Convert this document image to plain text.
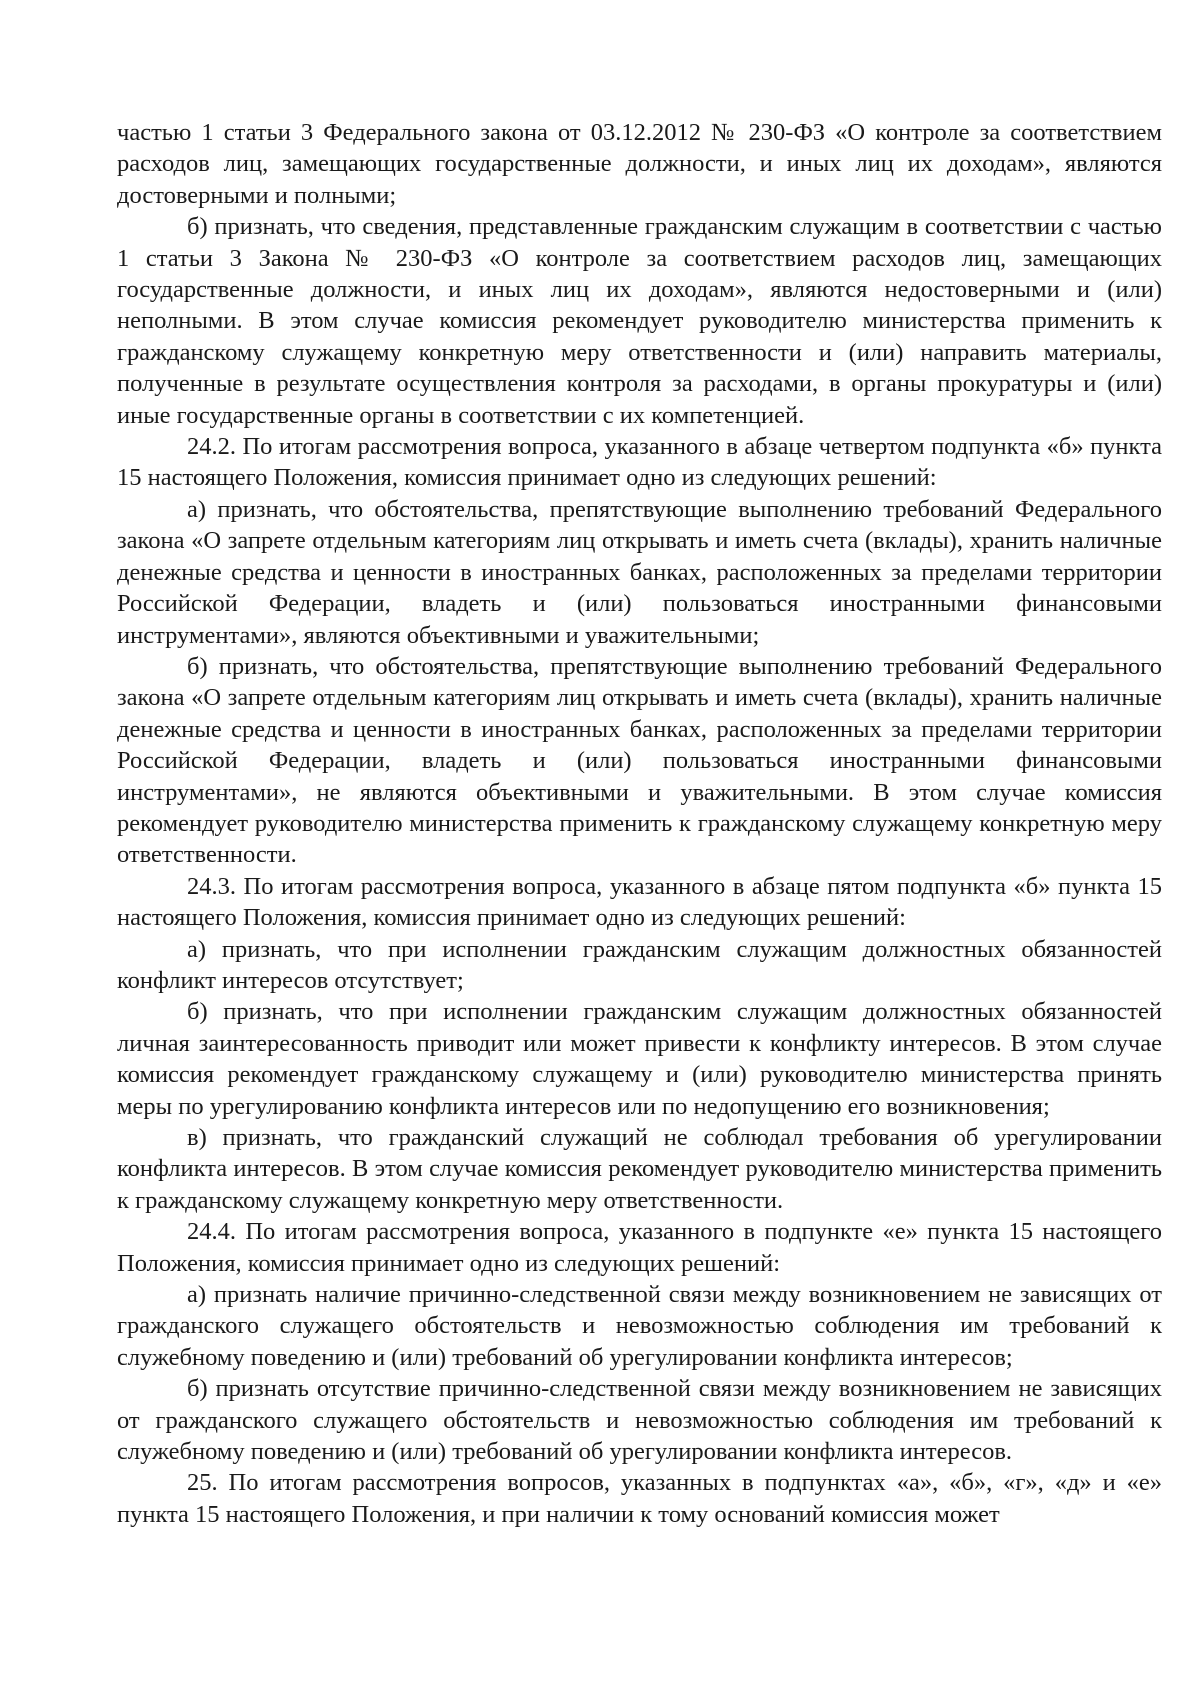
частью 1 статьи 3 Федерального закона от 03.12.2012 № 230-ФЗ «О контроле за соответствием расходов лиц, замещающих государственные должности, и иных лиц их доходам», являются достоверными и полными;

б) признать, что сведения, представленные гражданским служащим в соответствии с частью 1 статьи 3 Закона № 230-ФЗ «О контроле за соответствием расходов лиц, замещающих государственные должности, и иных лиц их доходам», являются недостоверными и (или) неполными. В этом случае комиссия рекомендует руководителю министерства применить к гражданскому служащему конкретную меру ответственности и (или) направить материалы, полученные в результате осуществления контроля за расходами, в органы прокуратуры и (или) иные государственные органы в соответствии с их компетенцией.

24.2. По итогам рассмотрения вопроса, указанного в абзаце четвертом подпункта «б» пункта 15 настоящего Положения, комиссия принимает одно из следующих решений:

а) признать, что обстоятельства, препятствующие выполнению требований Федерального закона «О запрете отдельным категориям лиц открывать и иметь счета (вклады), хранить наличные денежные средства и ценности в иностранных банках, расположенных за пределами территории Российской Федерации, владеть и (или) пользоваться иностранными финансовыми инструментами», являются объективными и уважительными;

б) признать, что обстоятельства, препятствующие выполнению требований Федерального закона «О запрете отдельным категориям лиц открывать и иметь счета (вклады), хранить наличные денежные средства и ценности в иностранных банках, расположенных за пределами территории Российской Федерации, владеть и (или) пользоваться иностранными финансовыми инструментами», не являются объективными и уважительными. В этом случае комиссия рекомендует руководителю министерства применить к гражданскому служащему конкретную меру ответственности.

24.3. По итогам рассмотрения вопроса, указанного в абзаце пятом подпункта «б» пункта 15 настоящего Положения, комиссия принимает одно из следующих решений:

а) признать, что при исполнении гражданским служащим должностных обязанностей конфликт интересов отсутствует;

б) признать, что при исполнении гражданским служащим должностных обязанностей личная заинтересованность приводит или может привести к конфликту интересов. В этом случае комиссия рекомендует гражданскому служащему и (или) руководителю министерства принять меры по урегулированию конфликта интересов или по недопущению его возникновения;

в) признать, что гражданский служащий не соблюдал требования об урегулировании конфликта интересов. В этом случае комиссия рекомендует руководителю министерства применить к гражданскому служащему конкретную меру ответственности.

24.4. По итогам рассмотрения вопроса, указанного в подпункте «е» пункта 15 настоящего Положения, комиссия принимает одно из следующих решений:

а) признать наличие причинно-следственной связи между возникновением не зависящих от гражданского служащего обстоятельств и невозможностью соблюдения им требований к служебному поведению и (или) требований об урегулировании конфликта интересов;

б) признать отсутствие причинно-следственной связи между возникновением не зависящих от гражданского служащего обстоятельств и невозможностью соблюдения им требований к служебному поведению и (или) требований об урегулировании конфликта интересов.

25. По итогам рассмотрения вопросов, указанных в подпунктах «а», «б», «г», «д» и «е» пункта 15 настоящего Положения, и при наличии к тому оснований комиссия может
